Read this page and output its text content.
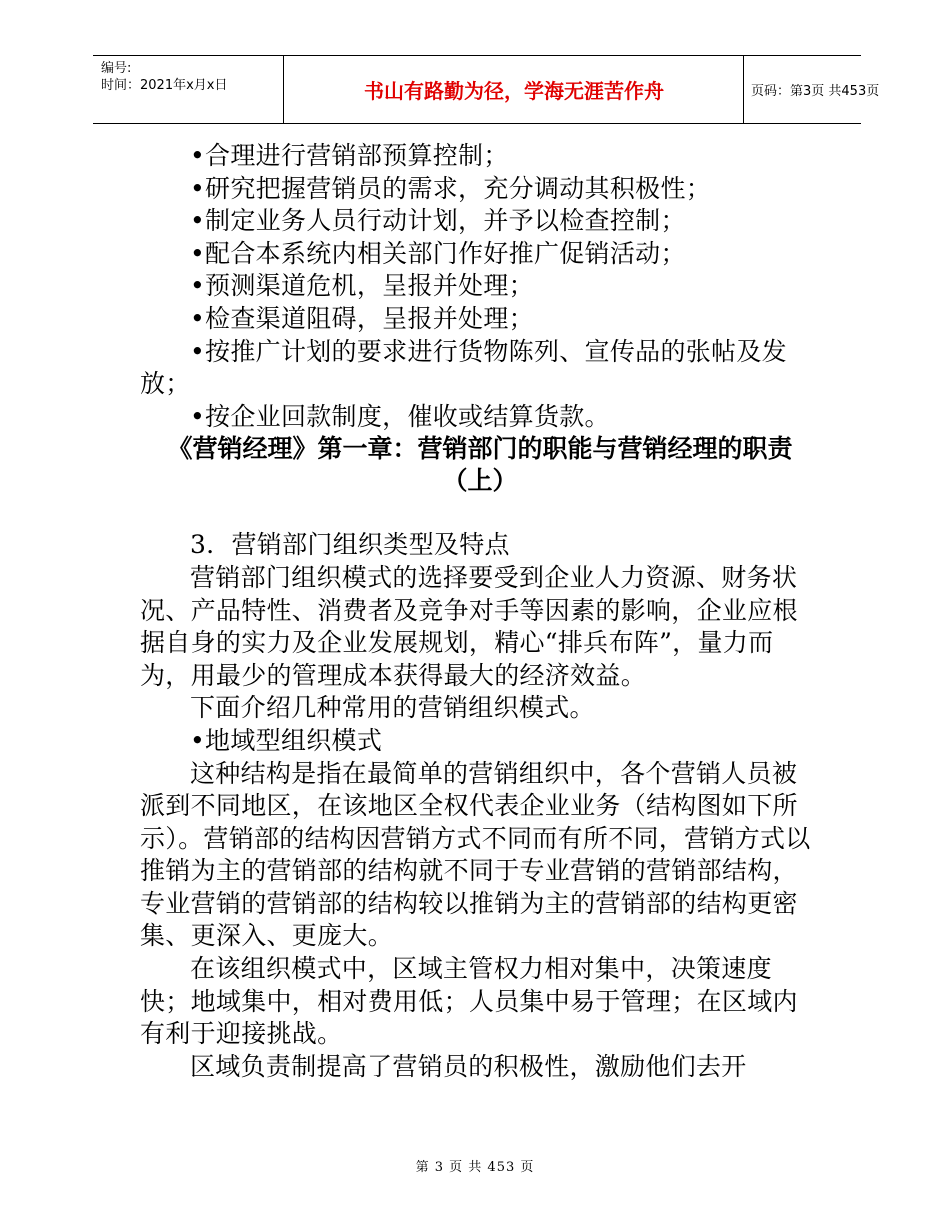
编号:
时间：2021年x月x日	书山有路勤为径，学海无涯苦作舟	页码：第3页 共453页

•合理进行营销部预算控制；

•研究把握营销员的需求，充分调动其积极性；

•制定业务人员行动计划，并予以检查控制；

•配合本系统内相关部门作好推广促销活动；

•预测渠道危机，呈报并处理；

•检查渠道阻碍，呈报并处理；

•按推广计划的要求进行货物陈列、宣传品的张帖及发放；

•按企业回款制度，催收或结算货款。

《营销经理》第一章：营销部门的职能与营销经理的职责（上）

3．营销部门组织类型及特点

营销部门组织模式的选择要受到企业人力资源、财务状况、产品特性、消费者及竞争对手等因素的影响，企业应根据自身的实力及企业发展规划，精心“排兵布阵”，量力而为，用最少的管理成本获得最大的经济效益。

下面介绍几种常用的营销组织模式。

•地域型组织模式

这种结构是指在最简单的营销组织中，各个营销人员被派到不同地区，在该地区全权代表企业业务（结构图如下所示）。营销部的结构因营销方式不同而有所不同，营销方式以推销为主的营销部的结构就不同于专业营销的营销部结构，专业营销的营销部的结构较以推销为主的营销部的结构更密集、更深入、更庞大。

在该组织模式中，区域主管权力相对集中，决策速度快；地域集中，相对费用低；人员集中易于管理；在区域内有利于迎接挑战。

区域负责制提高了营销员的积极性，激励他们去开

第 3 页 共 453 页
